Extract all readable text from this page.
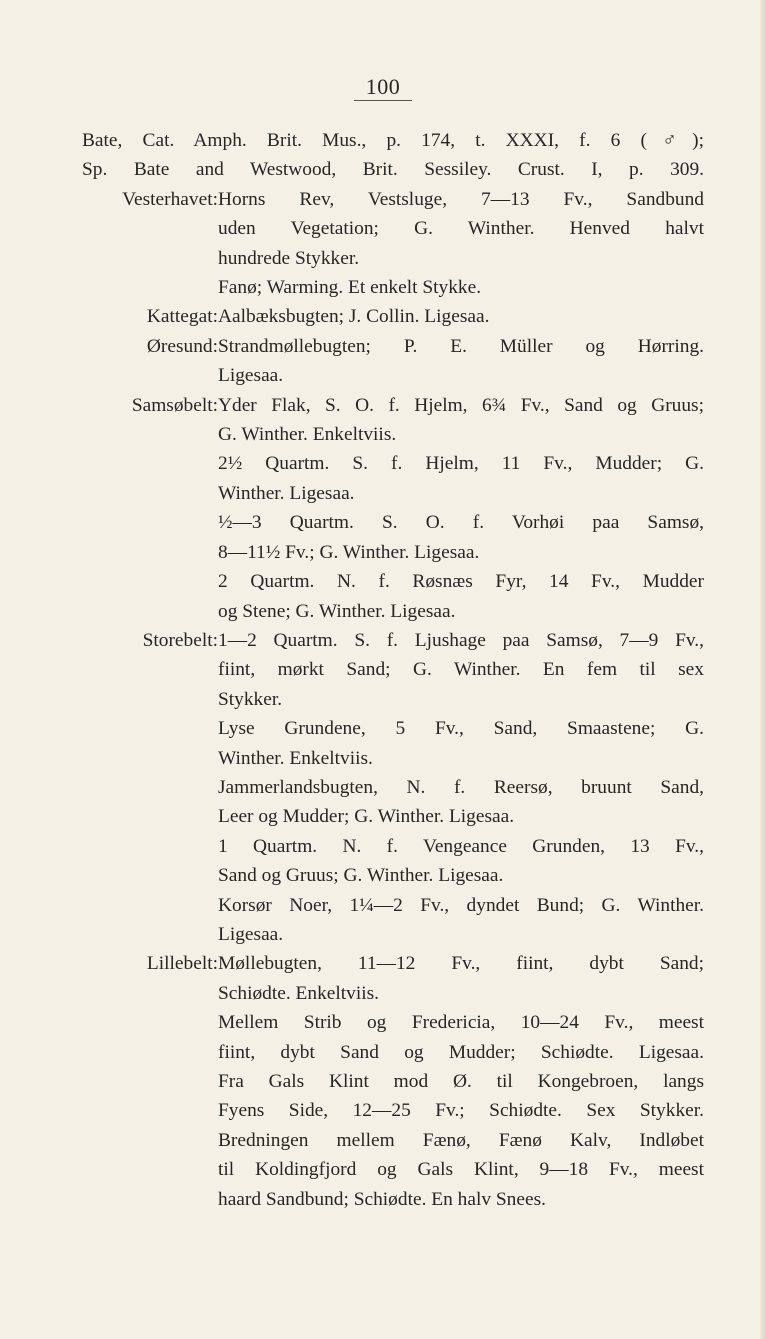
100
Bate, Cat. Amph. Brit. Mus., p. 174, t. XXXI, f. 6 (♂);
Sp. Bate and Westwood, Brit. Sessiley. Crust. I, p. 309.
Vesterhavet: Horns Rev, Vestsluge, 7—13 Fv., Sandbund
uden Vegetation; G. Winther. Henved halvt
hundrede Stykker.
Fanø; Warming. Et enkelt Stykke.
Kattegat: Aalbæksbugten; J. Collin. Ligesaa.
Øresund: Strandmøllebugten; P. E. Müller og Hørring.
Ligesaa.
Samsøbelt: Yder Flak, S. O. f. Hjelm, 6¾ Fv., Sand og Gruus;
G. Winther. Enkeltviis.
2½ Quartm. S. f. Hjelm, 11 Fv., Mudder; G.
Winther. Ligesaa.
½—3 Quartm. S. O. f. Vorhøi paa Samsø,
8—11½ Fv.; G. Winther. Ligesaa.
2 Quartm. N. f. Røsnæs Fyr, 14 Fv., Mudder
og Stene; G. Winther. Ligesaa.
Storebelt: 1—2 Quartm. S. f. Ljushage paa Samsø, 7—9 Fv.,
fiint, mørkt Sand; G. Winther. En fem til sex
Stykker.
Lyse Grundene, 5 Fv., Sand, Smaastene; G.
Winther. Enkeltviis.
Jammerlandsbugten, N. f. Reersø, bruunt Sand,
Leer og Mudder; G. Winther. Ligesaa.
1 Quartm. N. f. Vengeance Grunden, 13 Fv.,
Sand og Gruus; G. Winther. Ligesaa.
Korsør Noer, 1¼—2 Fv., dyndet Bund; G. Winther.
Ligesaa.
Lillebelt: Møllebugten, 11—12 Fv., fiint, dybt Sand;
Schiødte. Enkeltviis.
Mellem Strib og Fredericia, 10—24 Fv., meest
fiint, dybt Sand og Mudder; Schiødte. Ligesaa.
Fra Gals Klint mod Ø. til Kongebroen, langs
Fyens Side, 12—25 Fv.; Schiødte. Sex Stykker.
Bredningen mellem Fænø, Fænø Kalv, Indløbet
til Koldingfjord og Gals Klint, 9—18 Fv., meest
haard Sandbund; Schiødte. En halv Snees.
